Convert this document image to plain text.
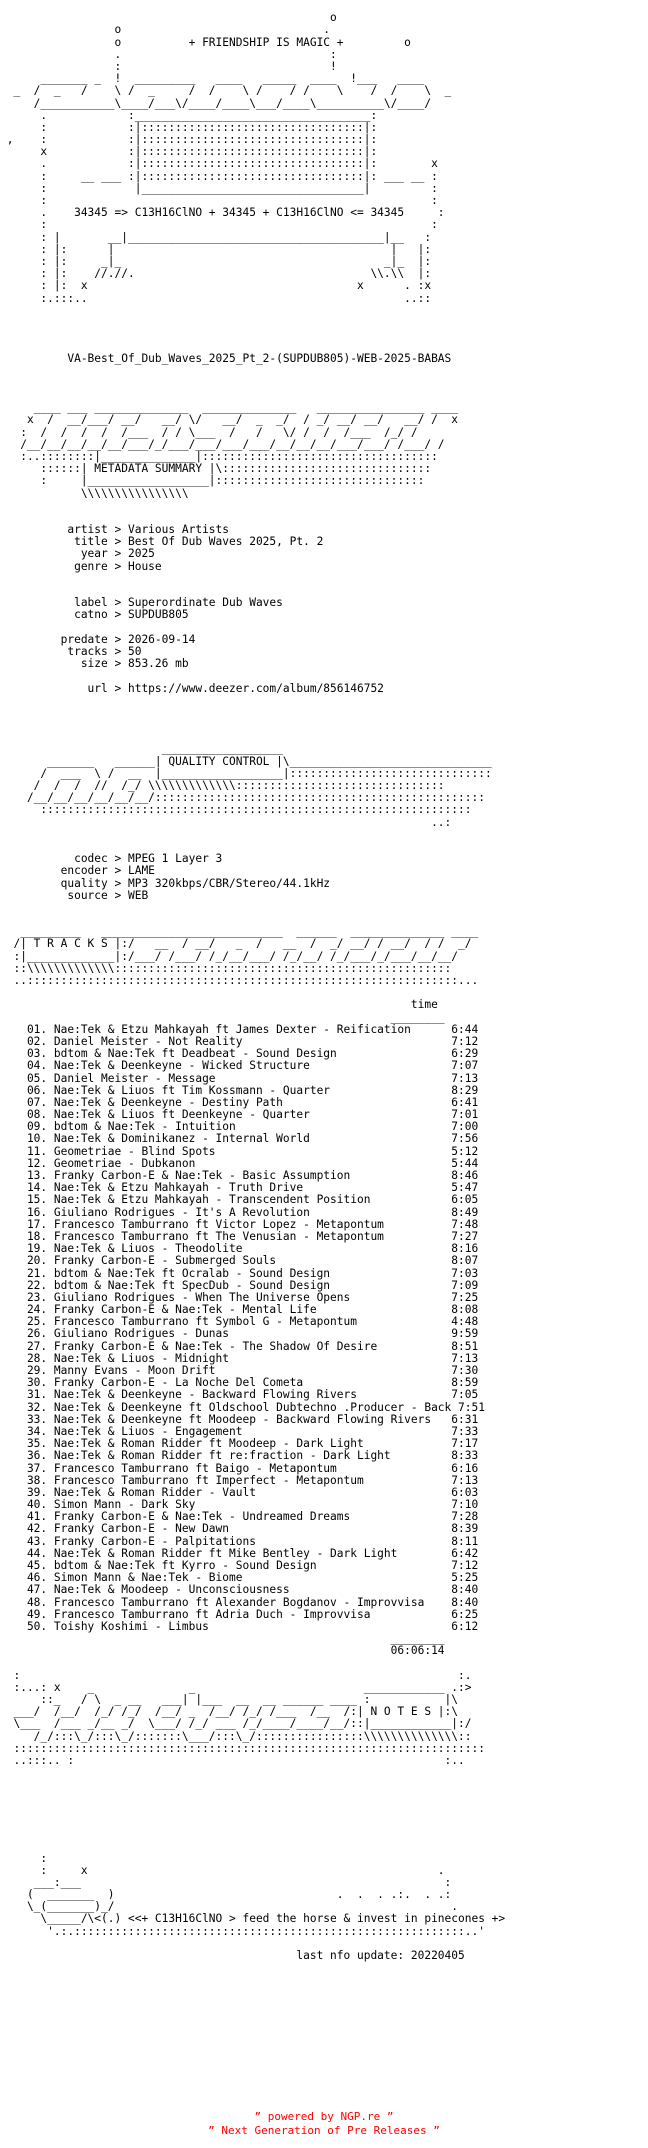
o
o                              .
o          + FRIENDSHIP IS MAGIC +         o
.                               :
:                               !
_______ _  !  _________   ____   _____  ____  !___   ____
_  /  _   /    \ /  _     /  /    \ /    / /    \    /  /    \  _
/___________\____/___\/____/____\___/____\__________\/____/
.            :___________________________________:
:            :|:::::::::::::::::::::::::::::::::|:
,    :            :|:::::::::::::::::::::::::::::::::|:
x            :|:::::::::::::::::::::::::::::::::|:
.            :|:::::::::::::::::::::::::::::::::|:        x
:     __ ___ :|:::::::::::::::::::::::::::::::::|: ___ __ :
:             |_________________________________|         :
:                                                         :
.    34345 => C13H16ClNO + 34345 + C13H16ClNO <= 34345     :
:                                                         :
: |       __|______________________________________|__   :
: |:      |                                         |   |:
: |:     _|_                                       _|_  |:
: |:    //.//.                                   \\.\\  |:
: |:  x                                        x      . :x
:.:::..                                               ..::
VA-Best_Of_Dub_Waves_2025_Pt_2-(SUPDUB805)-WEB-2025-BABAS
____ ___ ______________  ______________   ________________ ____
x  /  __/___/ __/   __/ \/   __/  _  _/  / _/ __/ __/   __/ /  x
:  /  /  /  /  /___  / / \___  /   /   \/ /  /  /___  /_/ /
/__/__/__/__/__/___/_/___/___/___/___/__/__/__/___/___/ /___/ /
:..::::::::|______________|:::::::::::::::::::::::::::::::::::
::::::| METADATA SUMMARY |\:::::::::::::::::::::::::::::::
:     |__________________|:::::::::::::::::::::::::::::::
\\\\\\\\\\\\\\\\
artist > Various Artists
title > Best Of Dub Waves 2025, Pt. 2
year > 2025
genre > House
label > Superordinate Dub Waves
catno > SUPDUB805
predate > 2026-09-14
tracks > 50
size > 853.26 mb
url > https://www.deezer.com/album/856146752
__________________
_______   ______| QUALITY CONTROL |\______________________________
/  ___  \ /  __  |__________________|::::::::::::::::::::::::::::::
/  /  /  //  /_/ \\\\\\\\\\\\\:::::::::::::::::::::::::::::::
/__/__/__/__/__/__/:::::::::::::::::::::::::::::::::::::::::::::::::
::::::::::::::::::::::::::::::::::::::::::::::::::::::::::::::::
..:
codec > MPEG 1 Layer 3
encoder > LAME
quality > MP3 320kbps/CBR/Stereo/44.1kHz
source > WEB
_________   ___________________________  ______  ______________ ____
/| T R A C K S |:/   __  / __/   _  /   __  /  _/ __/ / __/  / /  _/
:|_____________|:/___/ /___/ /_/__/___/ /_/__/ /_/___/_/___/__/__/
::\\\\\\\\\\\\\::::::::::::::::::::::::::::::::::::::::::::::::::
..::::::::::::::::::::::::::::::::::::::::::::::::::::::::::::::::...
time
________
01. Nae:Tek & Etzu Mahkayah ft James Dexter - Reification      6:44
02. Daniel Meister - Not Reality                               7:12
03. bdtom & Nae:Tek ft Deadbeat - Sound Design                 6:29
04. Nae:Tek & Deenkeyne - Wicked Structure                     7:07
05. Daniel Meister - Message                                   7:13
06. Nae:Tek & Liuos ft Tim Kossmann - Quarter                  8:29
07. Nae:Tek & Deenkeyne - Destiny Path                         6:41
08. Nae:Tek & Liuos ft Deenkeyne - Quarter                     7:01
09. bdtom & Nae:Tek - Intuition                                7:00
10. Nae:Tek & Dominikanez - Internal World                     7:56
11. Geometriae - Blind Spots                                   5:12
12. Geometriae - Dubkanon                                      5:44
13. Franky Carbon-E & Nae:Tek - Basic Assumption               8:46
14. Nae:Tek & Etzu Mahkayah - Truth Drive                      5:47
15. Nae:Tek & Etzu Mahkayah - Transcendent Position            6:05
16. Giuliano Rodrigues - It's A Revolution                     8:49
17. Francesco Tamburrano ft Victor Lopez - Metapontum          7:48
18. Francesco Tamburrano ft The Venusian - Metapontum          7:27
19. Nae:Tek & Liuos - Theodolite                               8:16
20. Franky Carbon-E - Submerged Souls                          8:07
21. bdtom & Nae:Tek ft Ocralab - Sound Design                  7:03
22. bdtom & Nae:Tek ft SpecDub - Sound Design                  7:09
23. Giuliano Rodrigues - When The Universe Opens               7:25
24. Franky Carbon-E & Nae:Tek - Mental Life                    8:08
25. Francesco Tamburrano ft Symbol G - Metapontum              4:48
26. Giuliano Rodrigues - Dunas                                 9:59
27. Franky Carbon-E & Nae:Tek - The Shadow Of Desire           8:51
28. Nae:Tek & Liuos - Midnight                                 7:13
29. Manny Evans - Moon Drift                                   7:30
30. Franky Carbon-E - La Noche Del Cometa                      8:59
31. Nae:Tek & Deenkeyne - Backward Flowing Rivers              7:05
32. Nae:Tek & Deenkeyne ft Oldschool Dubtechno .Producer - Back 7:51
33. Nae:Tek & Deenkeyne ft Moodeep - Backward Flowing Rivers   6:31
34. Nae:Tek & Liuos - Engagement                               7:33
35. Nae:Tek & Roman Ridder ft Moodeep - Dark Light             7:17
36. Nae:Tek & Roman Ridder ft re:fraction - Dark Light         8:33
37. Francesco Tamburrano ft Baigo - Metapontum                 6:16
38. Francesco Tamburrano ft Imperfect - Metapontum             7:13
39. Nae:Tek & Roman Ridder - Vault                             6:03
40. Simon Mann - Dark Sky                                      7:10
41. Franky Carbon-E & Nae:Tek - Undreamed Dreams               7:28
42. Franky Carbon-E - New Dawn                                 8:39
43. Franky Carbon-E - Palpitations                             8:11
44. Nae:Tek & Roman Ridder ft Mike Bentley - Dark Light        6:42
45. bdtom & Nae:Tek ft Kyrro - Sound Design                    7:12
46. Simon Mann & Nae:Tek - Biome                               5:25
47. Nae:Tek & Moodeep - Unconsciousness                        8:40
48. Francesco Tamburrano ft Alexander Bogdanov - Improvvisa    8:40
49. Francesco Tamburrano ft Adria Duch - Improvvisa            6:25
50. Toishy Koshimi - Limbus                                    6:12
________
06:06:14
:                                                                 :.
:...: x    _              _                         ____________ .:>
::_   / \  _ __   ___| |___  __  __ ______ ____ :           |\
___/  /__/  /_/ /_/  /__/ _  /__/ /_/ /___  /__  /:| N O T E S |:\
\___  /___ _/__ _/  \___/ /_/ ___ /_/____/____/__/::|____________|:/
/_/:::\_/:::\_/:::::::\___/:::\_/::::::::::::::::\\\\\\\\\\\\\\::
::::::::::::::::::::::::::::::::::::::::::::::::::::::::::::::::::::::
..:::.. :                                                       :..
:
:     x                                                    .
___:___                                                      :
(  _______  )                                 .  .  . .:.  . .:
\_(_______)_/                                                  .
\_____/\<(.) <<+ C13H16ClNO > feed the horse & invest in pinecones +>
'.:.::::::::::::::::::::::::::::::::::::::::::::::::::::::::::..'
last nfo update: 20220405
” powered by NGP.re ”
” Next Generation of Pre Releases ”
